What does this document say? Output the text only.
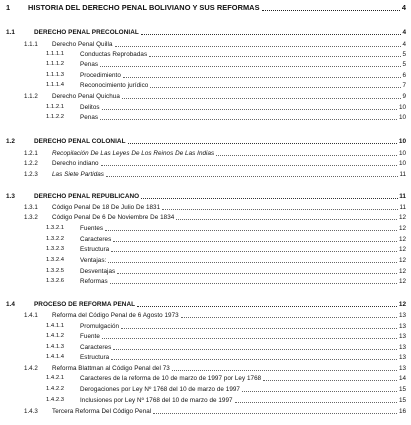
1 HISTORIA DEL DERECHO PENAL BOLIVIANO Y SUS REFORMAS	4
1.1	DERECHO PENAL PRECOLONIAL	4
1.1.1 Derecho Penal Quilla	4
1.1.1.1	Conductas Reprobadas	5
1.1.1.2	Penas	5
1.1.1.3	Procedimiento	6
1.1.1.4	Reconocimiento jurídico	7
1.1.2 Derecho Penal Quichua	9
1.1.2.1	Delitos	10
1.1.2.2	Penas	10
1.2	DERECHO PENAL COLONIAL	10
1.2.1 Recopilación De Las Leyes De Los Reinos De Las Indias	10
1.2.2 Derecho indiano	10
1.2.3 Las Siete Partidas	11
1.3	DERECHO PENAL REPUBLICANO	11
1.3.1 Código Penal De 18 De Julio De 1831	11
1.3.2 Código Penal De 6 De Noviembre De 1834	12
1.3.2.1	Fuentes	12
1.3.2.2	Caracteres	12
1.3.2.3	Estructura	12
1.3.2.4	Ventajas:	12
1.3.2.5	Desventajas	12
1.3.2.6	Reformas	12
1.4	PROCESO DE REFORMA PENAL	12
1.4.1 Reforma del Código Penal de 6 Agosto 1973	13
1.4.1.1	Promulgación	13
1.4.1.2	Fuente	13
1.4.1.3	Caracteres	13
1.4.1.4	Estructura	13
1.4.2 Reforma Blattman al Código Penal del 73	13
1.4.2.1	Caracteres de la reforma de 10 de marzo de 1997 por Ley 1768	14
1.4.2.2	Derogaciones por Ley Nº 1768 del 10 de marzo de 1997	15
1.4.2.3	Inclusiones por Ley Nº 1768 del 10 de marzo de 1997	15
1.4.3 Tercera Reforma Del Código Penal	16
